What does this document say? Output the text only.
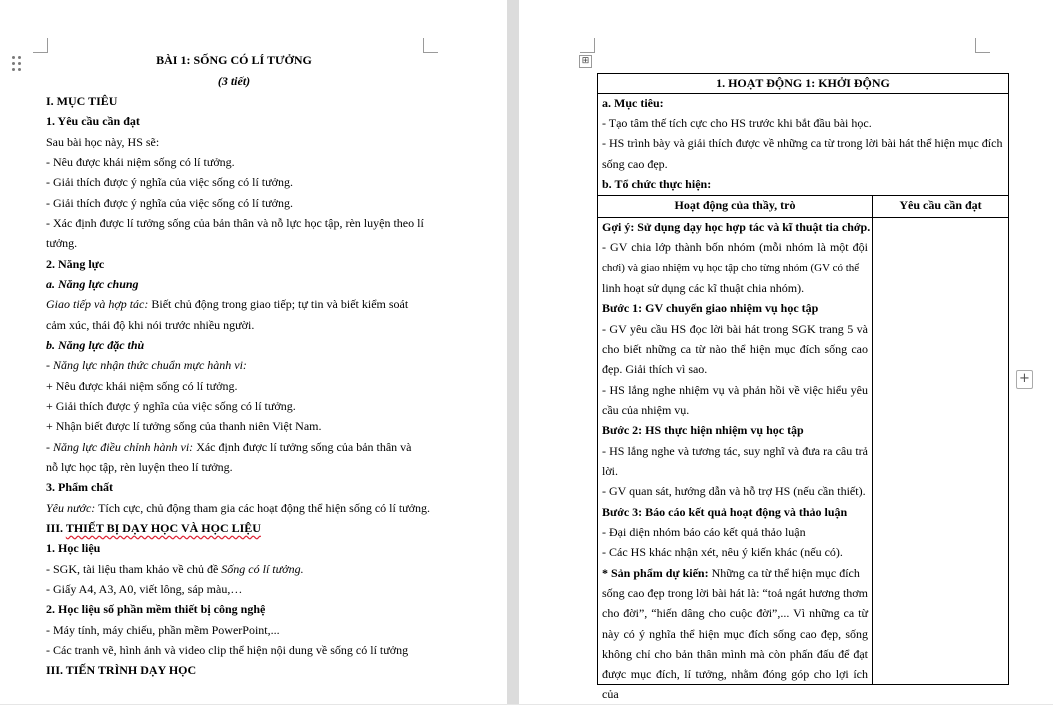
BÀI 1: SỐNG CÓ LÍ TƯỞNG
(3 tiết)
I. MỤC TIÊU
1. Yêu cầu cần đạt
Sau bài học này, HS sẽ:
- Nêu được khái niệm sống có lí tưởng.
- Giải thích được ý nghĩa của việc sống có lí tưởng.
- Giải thích được ý nghĩa của việc sống có lí tưởng.
- Xác định được lí tưởng sống của bản thân và nỗ lực học tập, rèn luyện theo lí
tưởng.
2. Năng lực
a. Năng lực chung
Giao tiếp và hợp tác: Biết chủ động trong giao tiếp; tự tin và biết kiểm soát
cảm xúc, thái độ khi nói trước nhiều người.
b. Năng lực đặc thù
- Năng lực nhận thức chuẩn mực hành vi:
+ Nêu được khái niệm sống có lí tưởng.
+ Giải thích được ý nghĩa của việc sống có lí tưởng.
+ Nhận biết được lí tưởng sống của thanh niên Việt Nam.
- Năng lực điều chỉnh hành vi: Xác định được lí tưởng sống của bản thân và
nỗ lực học tập, rèn luyện theo lí tưởng.
3. Phẩm chất
Yêu nước: Tích cực, chủ động tham gia các hoạt động thể hiện sống có lí tưởng.
III. THIẾT BỊ DẠY HỌC VÀ HỌC LIỆU
1. Học liệu
- SGK, tài liệu tham khảo về chủ đề Sống có lí tưởng.
- Giấy A4, A3, A0, viết lông, sáp màu,…
2. Học liệu số phần mềm thiết bị công nghệ
- Máy tính, máy chiếu, phần mềm PowerPoint,...
- Các tranh vẽ, hình ảnh và video clip thể hiện nội dung về sống có lí tưởng
III. TIẾN TRÌNH DẠY HỌC
⊞
+
1. HOẠT ĐỘNG 1: KHỞI ĐỘNG
a. Mục tiêu:
- Tạo tâm thế tích cực cho HS trước khi bắt đầu bài học.
- HS trình bày và giải thích được về những ca từ trong lời bài hát thể hiện mục đích
sống cao đẹp.
b. Tổ chức thực hiện:
Hoạt động của thầy, trò	Yêu cầu cần đạt
Gợi ý: Sử dụng dạy học hợp tác và kĩ thuật tia chớp.
- GV chia lớp thành bốn nhóm (mỗi nhóm là một đội
chơi) và giao nhiệm vụ học tập cho từng nhóm (GV có thể
linh hoạt sử dụng các kĩ thuật chia nhóm).
Bước 1: GV chuyển giao nhiệm vụ học tập
- GV yêu cầu HS đọc lời bài hát trong SGK trang 5 và
cho biết những ca từ nào thể hiện mục đích sống cao
đẹp. Giải thích vì sao.
- HS lắng nghe nhiệm vụ và phản hồi về việc hiểu yêu
cầu của nhiệm vụ.
Bước 2: HS thực hiện nhiệm vụ học tập
- HS lắng nghe và tương tác, suy nghĩ và đưa ra câu trả
lời.
- GV quan sát, hướng dẫn và hỗ trợ HS (nếu cần thiết).
Bước 3: Báo cáo kết quả hoạt động và thảo luận
- Đại diện nhóm báo cáo kết quả thảo luận
- Các HS khác nhận xét, nêu ý kiến khác (nếu có).
* Sản phẩm dự kiến: Những ca từ thể hiện mục đích
sống cao đẹp trong lời bài hát là: “toả ngát hương thơm
cho đời”, “hiến dâng cho cuộc đời”,... Vì những ca từ
này có ý nghĩa thể hiện mục đích sống cao đẹp, sống
không chỉ cho bản thân mình mà còn phấn đấu để đạt
được mục đích, lí tưởng, nhằm đóng góp cho lợi ích của
